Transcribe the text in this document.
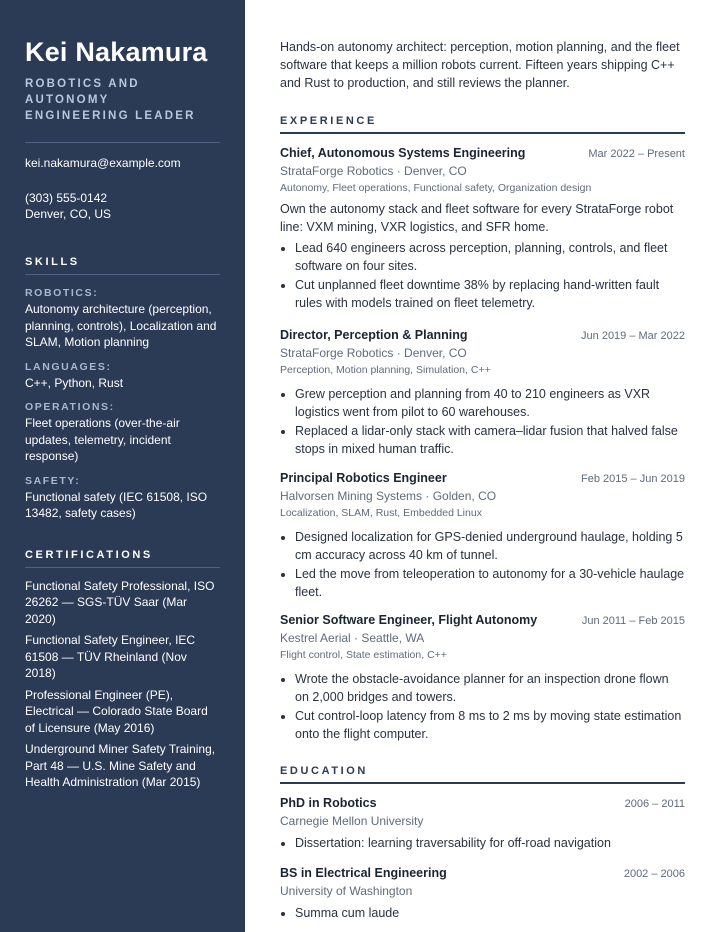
Kei Nakamura
ROBOTICS AND AUTONOMY
ENGINEERING LEADER
kei.nakamura@example.com
(303) 555-0142
Denver, CO, US
SKILLS
ROBOTICS:
Autonomy architecture (perception, planning, controls), Localization and SLAM, Motion planning
LANGUAGES:
C++, Python, Rust
OPERATIONS:
Fleet operations (over-the-air updates, telemetry, incident response)
SAFETY:
Functional safety (IEC 61508, ISO 13482, safety cases)
CERTIFICATIONS
Functional Safety Professional, ISO 26262 — SGS-TÜV Saar (Mar 2020)
Functional Safety Engineer, IEC 61508 — TÜV Rheinland (Nov 2018)
Professional Engineer (PE), Electrical — Colorado State Board of Licensure (May 2016)
Underground Miner Safety Training, Part 48 — U.S. Mine Safety and Health Administration (Mar 2015)
Hands-on autonomy architect: perception, motion planning, and the fleet software that keeps a million robots current. Fifteen years shipping C++ and Rust to production, and still reviews the planner.
EXPERIENCE
Chief, Autonomous Systems Engineering	Mar 2022 – Present
StrataForge Robotics · Denver, CO
Autonomy, Fleet operations, Functional safety, Organization design
Own the autonomy stack and fleet software for every StrataForge robot line: VXM mining, VXR logistics, and SFR home.
• Lead 640 engineers across perception, planning, controls, and fleet software on four sites.
• Cut unplanned fleet downtime 38% by replacing hand-written fault rules with models trained on fleet telemetry.
Director, Perception & Planning	Jun 2019 – Mar 2022
StrataForge Robotics · Denver, CO
Perception, Motion planning, Simulation, C++
• Grew perception and planning from 40 to 210 engineers as VXR logistics went from pilot to 60 warehouses.
• Replaced a lidar-only stack with camera–lidar fusion that halved false stops in mixed human traffic.
Principal Robotics Engineer	Feb 2015 – Jun 2019
Halvorsen Mining Systems · Golden, CO
Localization, SLAM, Rust, Embedded Linux
• Designed localization for GPS-denied underground haulage, holding 5 cm accuracy across 40 km of tunnel.
• Led the move from teleoperation to autonomy for a 30-vehicle haulage fleet.
Senior Software Engineer, Flight Autonomy	Jun 2011 – Feb 2015
Kestrel Aerial · Seattle, WA
Flight control, State estimation, C++
• Wrote the obstacle-avoidance planner for an inspection drone flown on 2,000 bridges and towers.
• Cut control-loop latency from 8 ms to 2 ms by moving state estimation onto the flight computer.
EDUCATION
PhD in Robotics	2006 – 2011
Carnegie Mellon University
• Dissertation: learning traversability for off-road navigation
BS in Electrical Engineering	2002 – 2006
University of Washington
• Summa cum laude
